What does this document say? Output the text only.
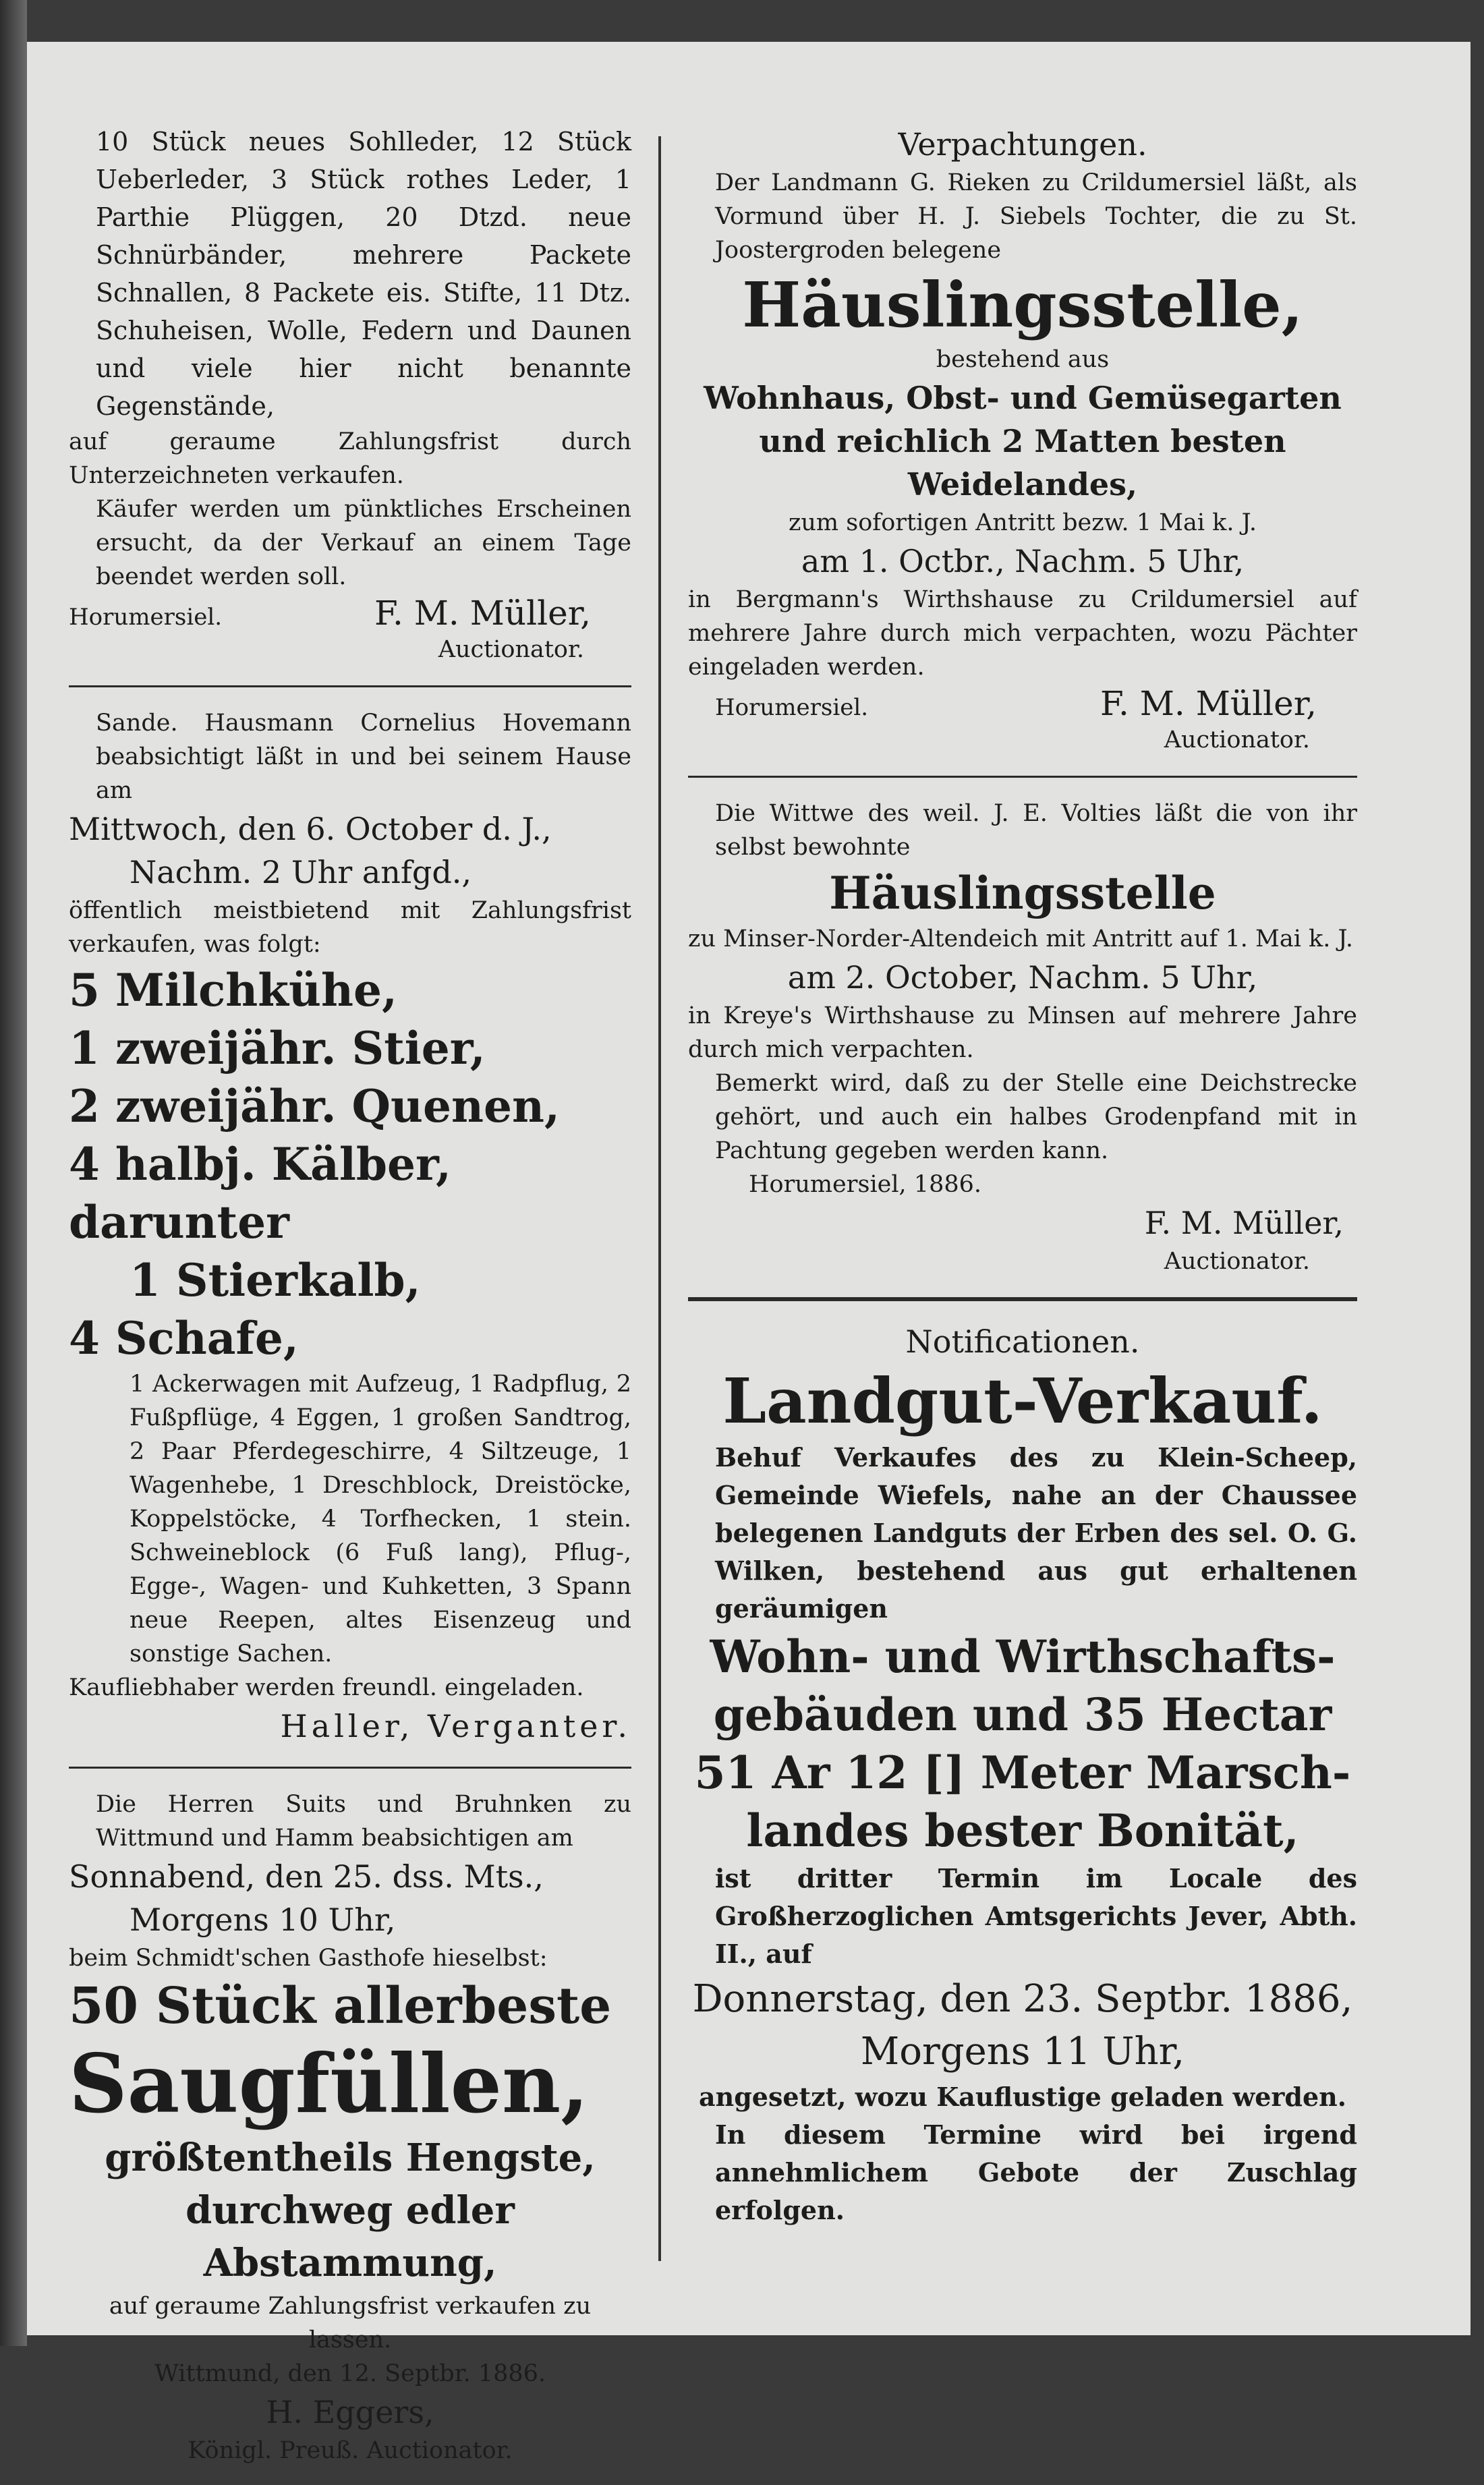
10 Stück neues Sohlleder, 12 Stück Ueberleder, 3 Stück rothes Leder, 1 Parthie Plüggen, 20 Dtzd. neue Schnürbänder, mehrere Packete Schnallen, 8 Packete eis. Stifte, 11 Dtz. Schuheisen, Wolle, Federn und Daunen und viele hier nicht benannte Gegenstände,

auf geraume Zahlungsfrist durch Unterzeichneten verkaufen.

Käufer werden um pünktliches Erscheinen ersucht, da der Verkauf an einem Tage beendet werden soll.

Horumersiel.	F. M. Müller,

Auctionator.

Sande. Hausmann Cornelius Hovemann beabsichtigt läßt in und bei seinem Hause am

Mittwoch, den 6. October d. J.,

Nachm. 2 Uhr anfgd.,

öffentlich meistbietend mit Zahlungsfrist verkaufen, was folgt:

5 Milchkühe,

1 zweijähr. Stier,

2 zweijähr. Quenen,

4 halbj. Kälber, darunter

1 Stierkalb,

4 Schafe,

1 Ackerwagen mit Aufzeug, 1 Radpflug, 2 Fußpflüge, 4 Eggen, 1 großen Sandtrog, 2 Paar Pferdegeschirre, 4 Siltzeuge, 1 Wagenhebe, 1 Dreschblock, Dreistöcke, Koppelstöcke, 4 Torfhecken, 1 stein. Schweineblock (6 Fuß lang), Pflug-, Egge-, Wagen- und Kuhketten, 3 Spann neue Reepen, altes Eisenzeug und sonstige Sachen.

Kaufliebhaber werden freundl. eingeladen.

Haller, Verganter.

Die Herren Suits und Bruhnken zu Wittmund und Hamm beabsichtigen am

Sonnabend, den 25. dss. Mts.,

Morgens 10 Uhr,

beim Schmidt'schen Gasthofe hieselbst:

50 Stück allerbeste

Saugfüllen,

größtentheils Hengste,

durchweg edler Abstammung,

auf geraume Zahlungsfrist verkaufen zu lassen.

Wittmund, den 12. Septbr. 1886.

H. Eggers,

Königl. Preuß. Auctionator.

Verpachtungen.

Der Landmann G. Rieken zu Crildumersiel läßt, als Vormund über H. J. Siebels Tochter, die zu St. Joostergroden belegene

Häuslingsstelle,

bestehend aus

Wohnhaus, Obst- und Gemüsegarten

und reichlich 2 Matten besten

Weidelandes,

zum sofortigen Antritt bezw. 1 Mai k. J.

am 1. Octbr., Nachm. 5 Uhr,

in Bergmann's Wirthshause zu Crildumersiel auf mehrere Jahre durch mich verpachten, wozu Pächter eingeladen werden.

Horumersiel.	F. M. Müller,

Auctionator.

Die Wittwe des weil. J. E. Volties läßt die von ihr selbst bewohnte

Häuslingsstelle

zu Minser-Norder-Altendeich mit Antritt auf 1. Mai k. J.

am 2. October, Nachm. 5 Uhr,

in Kreye's Wirthshause zu Minsen auf mehrere Jahre durch mich verpachten.

Bemerkt wird, daß zu der Stelle eine Deichstrecke gehört, und auch ein halbes Grodenpfand mit in Pachtung gegeben werden kann.

Horumersiel, 1886.

F. M. Müller,

Auctionator.

Notificationen.

Landgut-Verkauf.

Behuf Verkaufes des zu Klein-Scheep, Gemeinde Wiefels, nahe an der Chaussee belegenen Landguts der Erben des sel. O. G. Wilken, bestehend aus gut erhaltenen geräumigen

Wohn- und Wirthschafts-

gebäuden und 35 Hectar

51 Ar 12 [] Meter Marsch-

landes bester Bonität,

ist dritter Termin im Locale des Großherzoglichen Amtsgerichts Jever, Abth. II., auf

Donnerstag, den 23. Septbr. 1886,

Morgens 11 Uhr,

angesetzt, wozu Kauflustige geladen werden.

In diesem Termine wird bei irgend annehmlichem Gebote der Zuschlag erfolgen.
